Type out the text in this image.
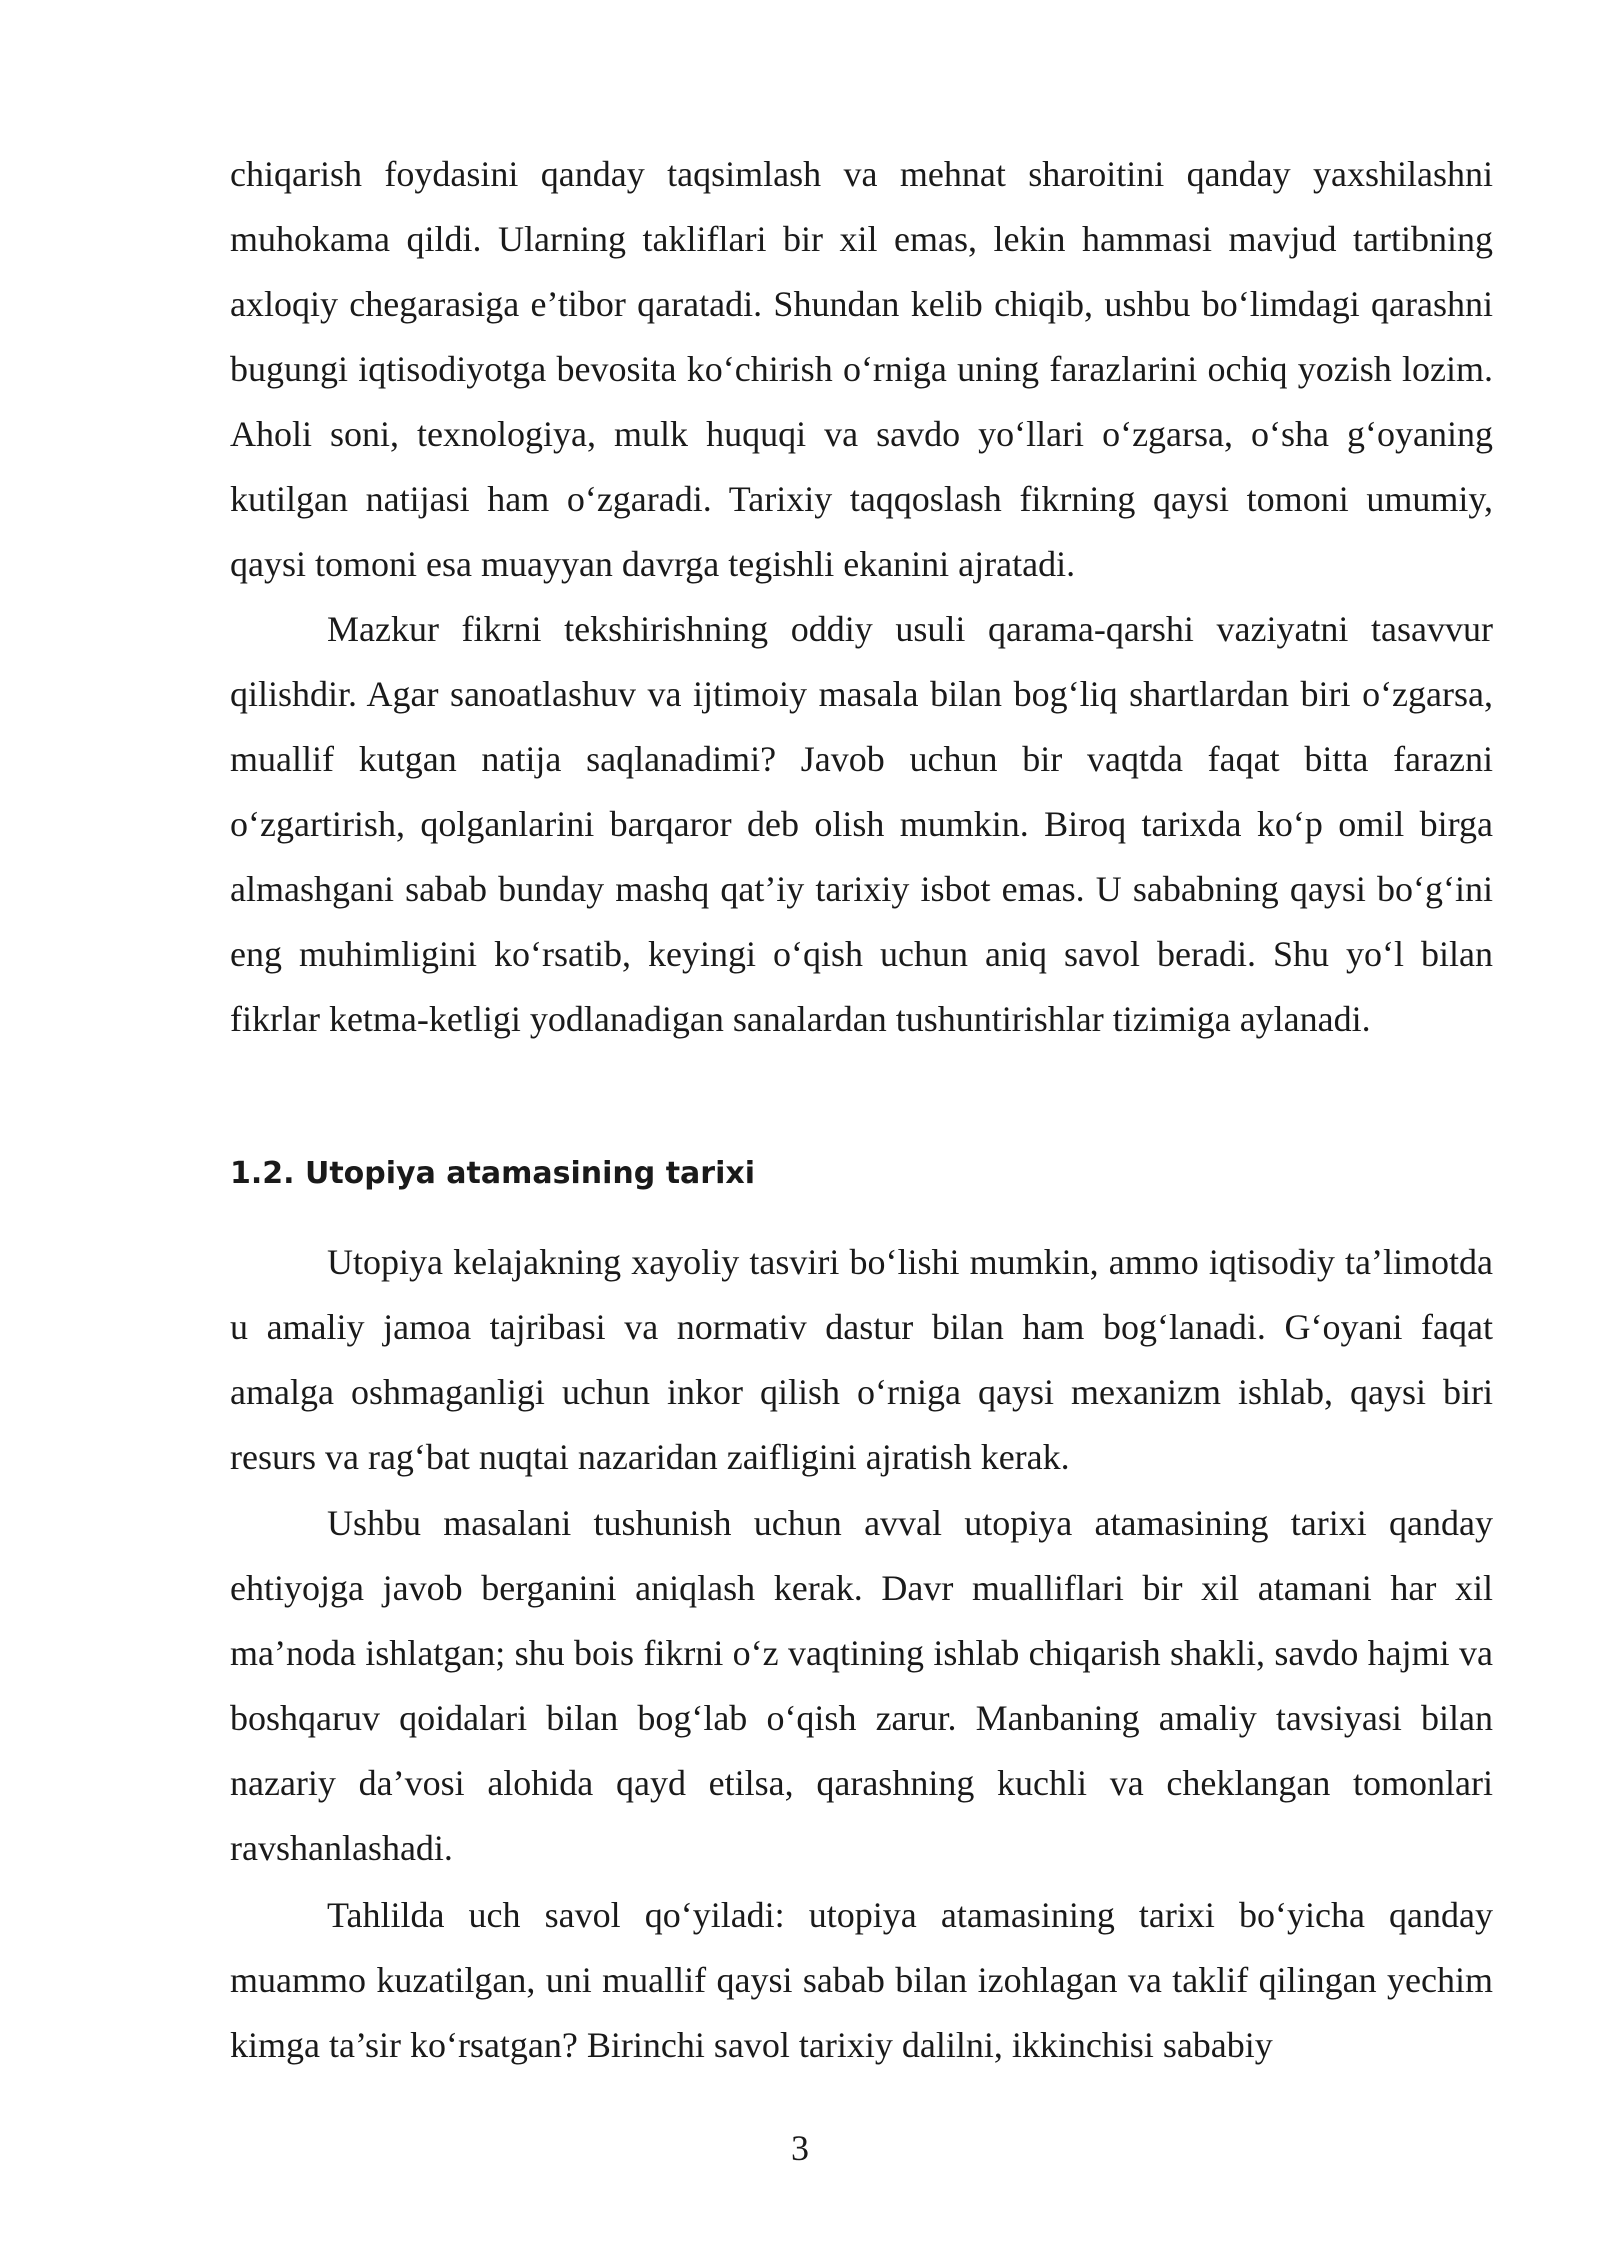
chiqarish foydasini qanday taqsimlash va mehnat sharoitini qanday yaxshilashni muhokama qildi. Ularning takliflari bir xil emas, lekin hammasi mavjud tartibning axloqiy chegarasiga e’tibor qaratadi. Shundan kelib chiqib, ushbu bo‘limdagi qarashni bugungi iqtisodiyotga bevosita ko‘chirish o‘rniga uning farazlarini ochiq yozish lozim. Aholi soni, texnologiya, mulk huquqi va savdo yo‘llari o‘zgarsa, o‘sha g‘oyaning kutilgan natijasi ham o‘zgaradi. Tarixiy taqqoslash fikrning qaysi tomoni umumiy, qaysi tomoni esa muayyan davrga tegishli ekanini ajratadi.

Mazkur fikrni tekshirishning oddiy usuli qarama-qarshi vaziyatni tasavvur qilishdir. Agar sanoatlashuv va ijtimoiy masala bilan bog‘liq shartlardan biri o‘zgarsa, muallif kutgan natija saqlanadimi? Javob uchun bir vaqtda faqat bitta farazni o‘zgartirish, qolganlarini barqaror deb olish mumkin. Biroq tarixda ko‘p omil birga almashgani sabab bunday mashq qat’iy tarixiy isbot emas. U sababning qaysi bo‘g‘ini eng muhimligini ko‘rsatib, keyingi o‘qish uchun aniq savol beradi. Shu yo‘l bilan fikrlar ketma-ketligi yodlanadigan sanalardan tushuntirishlar tizimiga aylanadi.

1.2. Utopiya atamasining tarixi

Utopiya kelajakning xayoliy tasviri bo‘lishi mumkin, ammo iqtisodiy ta’limotda u amaliy jamoa tajribasi va normativ dastur bilan ham bog‘lanadi. G‘oyani faqat amalga oshmaganligi uchun inkor qilish o‘rniga qaysi mexanizm ishlab, qaysi biri resurs va rag‘bat nuqtai nazaridan zaifligini ajratish kerak.

Ushbu masalani tushunish uchun avval utopiya atamasining tarixi qanday ehtiyojga javob berganini aniqlash kerak. Davr mualliflari bir xil atamani har xil ma’noda ishlatgan; shu bois fikrni o‘z vaqtining ishlab chiqarish shakli, savdo hajmi va boshqaruv qoidalari bilan bog‘lab o‘qish zarur. Manbaning amaliy tavsiyasi bilan nazariy da’vosi alohida qayd etilsa, qarashning kuchli va cheklangan tomonlari ravshanlashadi.

Tahlilda uch savol qo‘yiladi: utopiya atamasining tarixi bo‘yicha qanday muammo kuzatilgan, uni muallif qaysi sabab bilan izohlagan va taklif qilingan yechim kimga ta’sir ko‘rsatgan? Birinchi savol tarixiy dalilni, ikkinchisi sababiy

3
